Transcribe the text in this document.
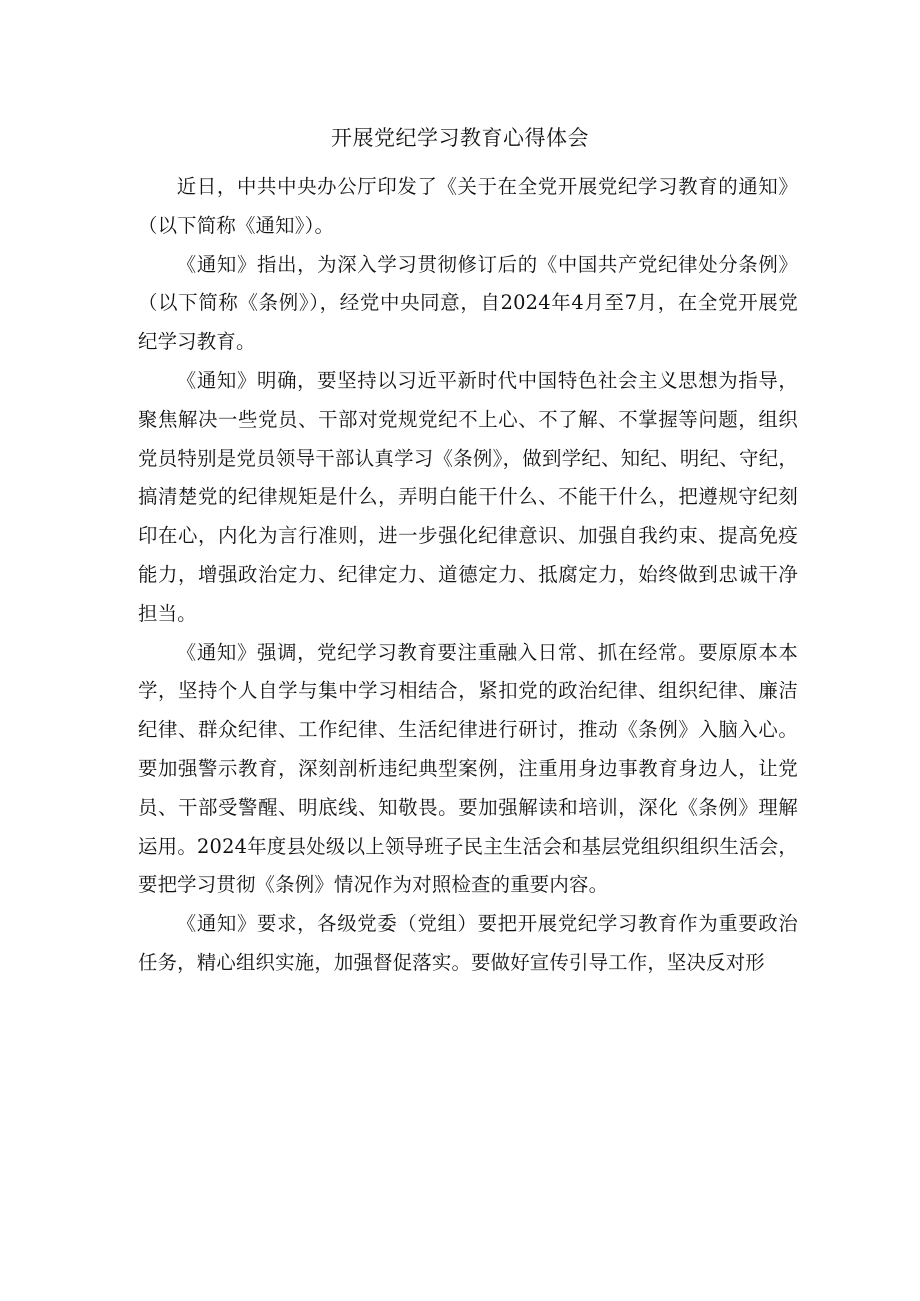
开展党纪学习教育心得体会

近日，中共中央办公厅印发了《关于在全党开展党纪学习教育的通知》（以下简称《通知》）。

《通知》指出，为深入学习贯彻修订后的《中国共产党纪律处分条例》（以下简称《条例》），经党中央同意，自2024年4月至7月，在全党开展党纪学习教育。

《通知》明确，要坚持以习近平新时代中国特色社会主义思想为指导，聚焦解决一些党员、干部对党规党纪不上心、不了解、不掌握等问题，组织党员特别是党员领导干部认真学习《条例》，做到学纪、知纪、明纪、守纪，搞清楚党的纪律规矩是什么，弄明白能干什么、不能干什么，把遵规守纪刻印在心，内化为言行准则，进一步强化纪律意识、加强自我约束、提高免疫能力，增强政治定力、纪律定力、道德定力、抵腐定力，始终做到忠诚干净担当。

《通知》强调，党纪学习教育要注重融入日常、抓在经常。要原原本本学，坚持个人自学与集中学习相结合，紧扣党的政治纪律、组织纪律、廉洁纪律、群众纪律、工作纪律、生活纪律进行研讨，推动《条例》入脑入心。要加强警示教育，深刻剖析违纪典型案例，注重用身边事教育身边人，让党员、干部受警醒、明底线、知敬畏。要加强解读和培训，深化《条例》理解运用。2024年度县处级以上领导班子民主生活会和基层党组织组织生活会，要把学习贯彻《条例》情况作为对照检查的重要内容。

《通知》要求，各级党委（党组）要把开展党纪学习教育作为重要政治任务，精心组织实施，加强督促落实。要做好宣传引导工作，坚决反对形
